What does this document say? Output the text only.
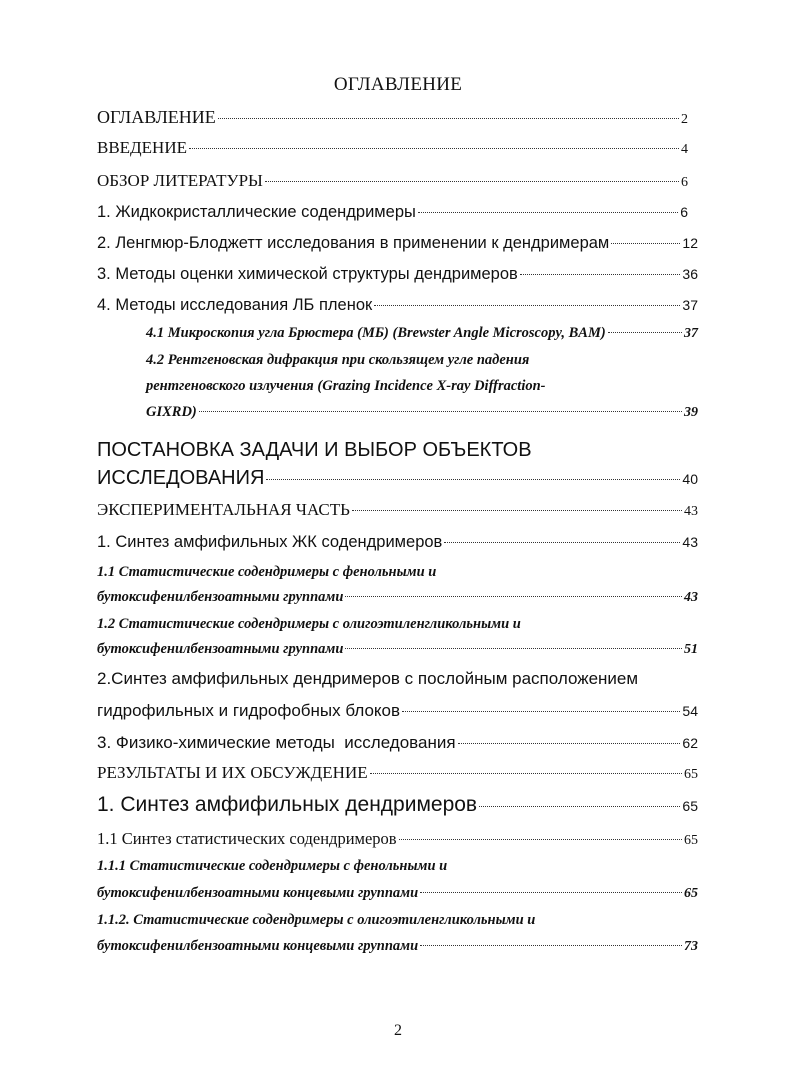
ОГЛАВЛЕНИЕ
ОГЛАВЛЕНИЕ	2
ВВЕДЕНИЕ	4
ОБЗОР ЛИТЕРАТУРЫ	6
1. Жидкокристаллические содендримеры	6
2. Ленгмюр-Блоджетт исследования в применении к дендримерам	12
3. Методы оценки химической структуры дендримеров	36
4. Методы исследования ЛБ пленок	37
4.1 Микроскопия угла Брюстера (МБ) (Brewster Angle Microscopy, BAM)	37
4.2 Рентгеновская дифракция при скользящем угле падения
рентгеновского излучения (Grazing Incidence X-ray Diffraction-
GIXRD)	39
ПОСТАНОВКА ЗАДАЧИ И ВЫБОР ОБЪЕКТОВ
ИССЛЕДОВАНИЯ	40
ЭКСПЕРИМЕНТАЛЬНАЯ ЧАСТЬ	43
1. Синтез амфифильных ЖК содендримеров	43
1.1 Статистические содендримеры с фенольными и
бутоксифенилбензоатными группами	43
1.2 Статистические содендримеры с олигоэтиленгликольными и
бутоксифенилбензоатными группами	51
2.Синтез амфифильных дендримеров с послойным расположением
гидрофильных и гидрофобных блоков	54
3. Физико-химические методы  исследования	62
РЕЗУЛЬТАТЫ И ИХ ОБСУЖДЕНИЕ	65
1. Синтез амфифильных дендримеров	65
1.1 Синтез статистических содендримеров	65
1.1.1 Статистические содендримеры с фенольными и
бутоксифенилбензоатными концевыми группами	65
1.1.2. Статистические содендримеры с олигоэтиленгликольными и
бутоксифенилбензоатными концевыми группами	73
2
